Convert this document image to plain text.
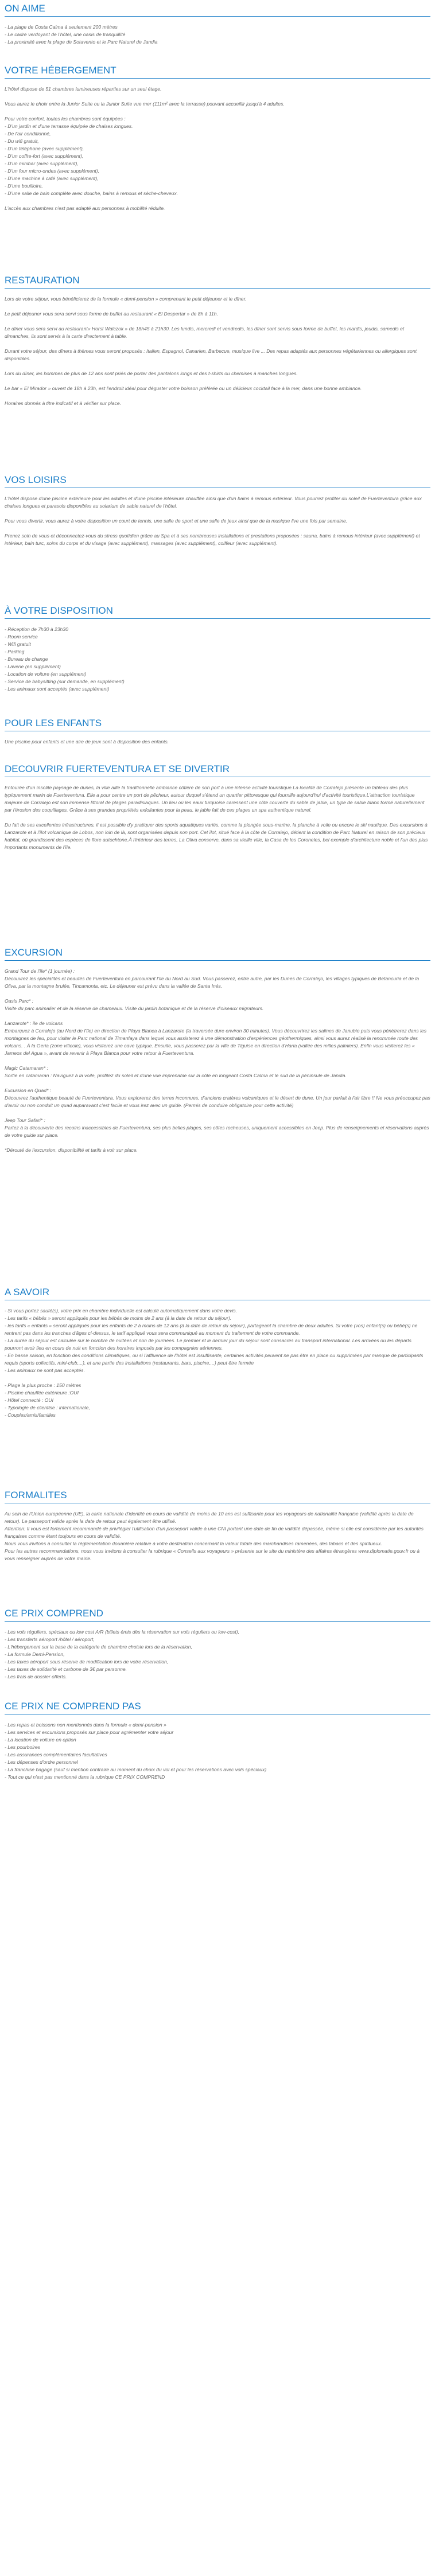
ON AIME

- La plage de Costa Calma à seulement 200 mètres

- Le cadre verdoyant de l'hôtel, une oasis de tranquillité

- La proximité avec la plage de Sotavento et le Parc Naturel de Jandia

VOTRE HÉBERGEMENT

L'hôtel dispose de 51 chambres lumineuses réparties sur un seul étage.

Vous aurez le choix entre la Junior Suite ou la Junior Suite vue mer (111m² avec la terrasse) pouvant accueillir jusqu'à 4 adultes.

Pour votre confort, toutes les chambres sont équipées :

- D'un jardin et d'une terrasse équipée de chaises longues.

- De l'air conditionné,

- Du wifi gratuit,

- D'un téléphone (avec supplément),

- D'un coffre-fort (avec supplément),

- D'un minibar (avec supplément),

- D'un four micro-ondes (avec supplément),

- D'une machine à café (avec supplément),

- D'une bouilloire,

- D'une salle de bain complète avec douche, bains à remous et sèche-cheveux.

L'accès aux chambres n'est pas adapté aux personnes à mobilité réduite.

RESTAURATION

Lors de votre séjour, vous bénéficierez de la formule « demi-pension » comprenant le petit déjeuner et le dîner.

Le petit déjeuner vous sera servi sous forme de buffet au restaurant « El Despertar » de 8h à 11h.

Le dîner vous sera servi au restaurant« Horst Walczok » de 18h45 à 21h30. Les lundis, mercredi et vendredis, les dîner sont servis sous forme de buffet, les mardis, jeudis, samedis et dimanches, ils sont servis à la carte directement à table.

Durant votre séjour, des dîners à thèmes vous seront proposés : Italien, Espagnol, Canarien, Barbecue, musique live ... Des repas adaptés aux personnes végétariennes ou allergiques sont disponibles.

Lors du dîner, les hommes de plus de 12 ans sont priés de porter des pantalons longs et des t-shirts ou chemises à manches longues.

Le bar « El Mirador » ouvert de 18h à 23h, est l'endroit idéal pour déguster votre boisson préférée ou un délicieux cocktail face à la mer, dans une bonne ambiance.

Horaires donnés à titre indicatif et à vérifier sur place.

VOS LOISIRS

L'hôtel dispose d'une piscine extérieure pour les adultes et d'une piscine intérieure chauffée ainsi que d'un bains à remous extérieur. Vous pourrez profiter du soleil de Fuerteventura grâce aux chaises longues et parasols disponibles au solarium de sable naturel de l'hôtel.

Pour vous divertir, vous aurez à votre disposition un court de tennis, une salle de sport et une salle de jeux ainsi que de la musique live une fois par semaine.

Prenez soin de vous et déconnectez-vous du stress quotidien grâce au Spa et à ses nombreuses installations et prestations proposées : sauna, bains à remous intérieur (avec supplément) et intérieur, bain turc, soins du corps et du visage (avec supplément), massages (avec supplément), coiffeur (avec supplément).

À VOTRE DISPOSITION

- Réception de 7h30 à 23h30

- Room service

- Wifi gratuit

- Parking

- Bureau de change

- Laverie (en supplément)

- Location de voiture (en supplément)

- Service de babysitting (sur demande, en supplément)

- Les animaux sont acceptés (avec supplément)

POUR LES ENFANTS

Une piscine pour enfants et une aire de jeux sont à disposition des enfants.

DECOUVRIR FUERTEVENTURA ET SE DIVERTIR

Entourée d'un insolite paysage de dunes, la ville aille la traditionnelle ambiance côtière de son port à une intense activité touristique.La localité de Corralejo présente un tableau des plus typiquement marin de Fuerteventura. Elle a pour centre un port de pêcheur, autour duquel s'étend un quartier pittoresque qui fournille aujourd'hui d'activité touristique.L'attraction touristique majeure de Corralejo est son immense littoral de plages paradisiaques. Un lieu où les eaux turquoise caressent une côte couverte du sable de jable, un type de sable blanc formé naturellement par l'érosion des coquillages. Grâce à ses grandes propriétés exfoliantes pour la peau, le jable fait de ces plages un spa authentique naturel.

Du fait de ses excellentes infrastructures, il est possible d'y pratiquer des sports aquatiques variés, comme la plongée sous-marine, la planche à voile ou encore le ski nautique. Des excursions à Lanzarote et à l'îlot volcanique de Lobos, non loin de là, sont organisées depuis son port. Cet îlot, situé face à la côte de Corralejo, détient la condition de Parc Naturel en raison de son précieux habitat, où grandissent des espèces de flore autochtone.À l'intérieur des terres, La Oliva conserve, dans sa vieille ville, la Casa de los Coroneles, bel exemple d'architecture noble et l'un des plus importants monuments de l'île.

EXCURSION

Grand Tour de l'île* (1 journée) :

Découvrez les spécialités et beautés de Fuerteventura en parcourant l'île du Nord au Sud. Vous passerez, entre autre, par les Dunes de Corralejo, les villages typiques de Betancuria et de la Oliva, par la montagne brulée, Tincamonta, etc. Le déjeuner est prévu dans la vallée de Santa Inés.

Oasis Parc* :

Visite du parc animalier et de la réserve de chameaux. Visite du jardin botanique et de la réserve d'oiseaux migrateurs.

Lanzarote* : île de volcans

Embarquez à Corralejo (au Nord de l'île) en direction de Playa Blanca à Lanzarote (la traversée dure environ 30 minutes). Vous découvrirez les salines de Janubio puis vous pénètrerez dans les montagnes de feu, pour visiter le Parc national de Timanfaya dans lequel vous assisterez à une démonstration d'expériences géothermiques, ainsi vous aurez réalisé la renommée route des volcans. . À la Geria (zone viticole), vous visiterez une cave typique. Ensuite, vous passerez par la ville de Tiguise en direction d'Haria (vallée des milles palmiers). Enfin vous visiterez les « Jameos del Agua », avant de revenir à Playa Blanca pour votre retour à Fuerteventura.

Magic Catamaran* :

Sortie en catamaran : Naviguez à la voile, profitez du soleil et d'une vue imprenable sur la côte en longeant Costa Calma et le sud de la péninsule de Jandia.

Excursion en Quad* :

Découvrez l'authentique beauté de Fuerteventura. Vous explorerez des terres inconnues, d'anciens cratères volcaniques et le désert de dune. Un jour parfait à l'air libre !! Ne vous préoccupez pas d'avoir ou non conduit un quad auparavant c'est facile et vous irez avec un guide. (Permis de conduire obligatoire pour cette activité)

Jeep Tour Safari* :

Partez à la découverte des recoins inaccessibles de Fuerteventura, ses plus belles plages, ses côtes rocheuses, uniquement accessibles en Jeep. Plus de renseignements et réservations auprès de votre guide sur place.

*Dérouté de l'excursion, disponibilité et tarifs à voir sur place.

A SAVOIR

- Si vous portez sauté(s), votre prix en chambre individuelle est calculé automatiquement dans votre devis.

- Les tarifs « bébés » seront appliqués pour les bébés de moins de 2 ans (à la date de retour du séjour).

- les tarifs « enfants » seront appliqués pour les enfants de 2 à moins de 12 ans (à la date de retour du séjour), partageant la chambre de deux adultes. Si votre (vos) enfant(s) ou bébé(s) ne rentrent pas dans les tranches d'âges ci-dessus, le tarif appliqué vous sera communiqué au moment du traitement de votre commande.

- La durée du séjour est calculée sur le nombre de nuitées et non de journées. Le premier et le dernier jour du séjour sont consacrés au transport international. Les arrivées ou les départs pourront avoir lieu en cours de nuit en fonction des horaires imposés par les compagnies aériennes.

- En basse saison, en fonction des conditions climatiques, ou si l'affluence de l'hôtel est insuffisante, certaines activités peuvent ne pas être en place ou supprimées par manque de participants requis (sports collectifs, mini-club,...), et une partie des installations (restaurants, bars, piscine,...) peut être fermée

- Les animaux ne sont pas acceptés.

- Plage la plus proche : 150 mètres

- Piscine chauffée extérieure :OUI

- Hôtel connecté : OUI

- Typologie de clientèle : internationale,

- Couples/amis/familles

FORMALITES

Au sein de l'Union européenne (UE), la carte nationale d'identité en cours de validité de moins de 10 ans est suffisante pour les voyageurs de nationalité française (validité après la date de retour). Le passeport valide après la date de retour peut également être utilisé.

Attention: Il vous est fortement recommandé de privilégier l'utilisation d'un passeport valide à une CNI portant une date de fin de validité dépassée, même si elle est considérée par les autorités françaises comme étant toujours en cours de validité.

Nous vous invitons à consulter la réglementation douanière relative à votre destination concernant la valeur totale des marchandises ramenées, des tabacs et des spiritueux.

Pour les autres recommandations, nous vous invitons à consulter la rubrique « Conseils aux voyageurs » présente sur le site du ministère des affaires étrangères www.diplomatie.gouv.fr ou à vous renseigner auprès de votre mairie.

CE PRIX COMPREND

- Les vols réguliers, spéciaux ou low cost A/R (billets émis dès la réservation sur vols réguliers ou low-cost),

- Les transferts aéroport /hôtel / aéroport,

- L'hébergement sur la base de la catégorie de chambre choisie lors de la réservation,

- La formule Demi-Pension,

- Les taxes aéroport sous réserve de modification lors de votre réservation,

- Les taxes de solidarité et carbone de 3€ par personne.

- Les frais de dossier offerts.

CE PRIX NE COMPREND PAS

- Les repas et boissons non mentionnés dans la formule « demi-pension »

- Les services et excursions proposés sur place pour agrémenter votre séjour

- La location de voiture en option

- Les pourboires

- Les assurances complémentaires facultatives

- Les dépenses d'ordre personnel

- La franchise bagage (sauf si mention contraire au moment du choix du vol et pour les réservations avec vols spéciaux)

- Tout ce qui n'est pas mentionné dans la rubrique CE PRIX COMPREND
